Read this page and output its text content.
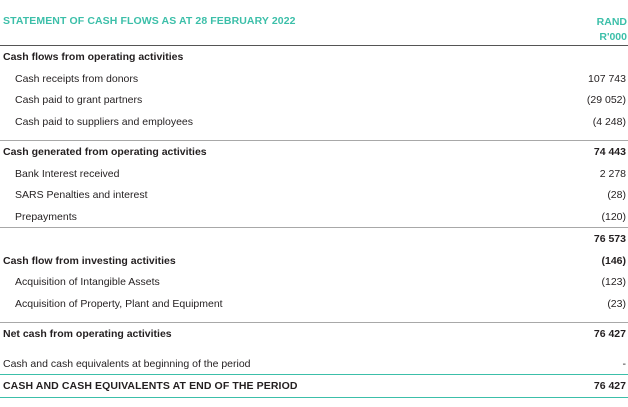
STATEMENT OF CASH FLOWS AS AT 28 FEBRUARY 2022	RAND
R'000
Cash flows from operating activities
Cash receipts from donors	107 743
Cash paid to grant partners	(29 052)
Cash paid to suppliers and employees	(4 248)
Cash generated from operating activities	74 443
Bank Interest received	2 278
SARS Penalties and interest	(28)
Prepayments	(120)
76 573
Cash flow from investing activities	(146)
Acquisition of Intangible Assets	(123)
Acquisition of Property, Plant and Equipment	(23)
Net cash from operating activities	76 427
Cash and cash equivalents at beginning of the period	-
CASH AND CASH EQUIVALENTS AT END OF THE PERIOD	76 427
